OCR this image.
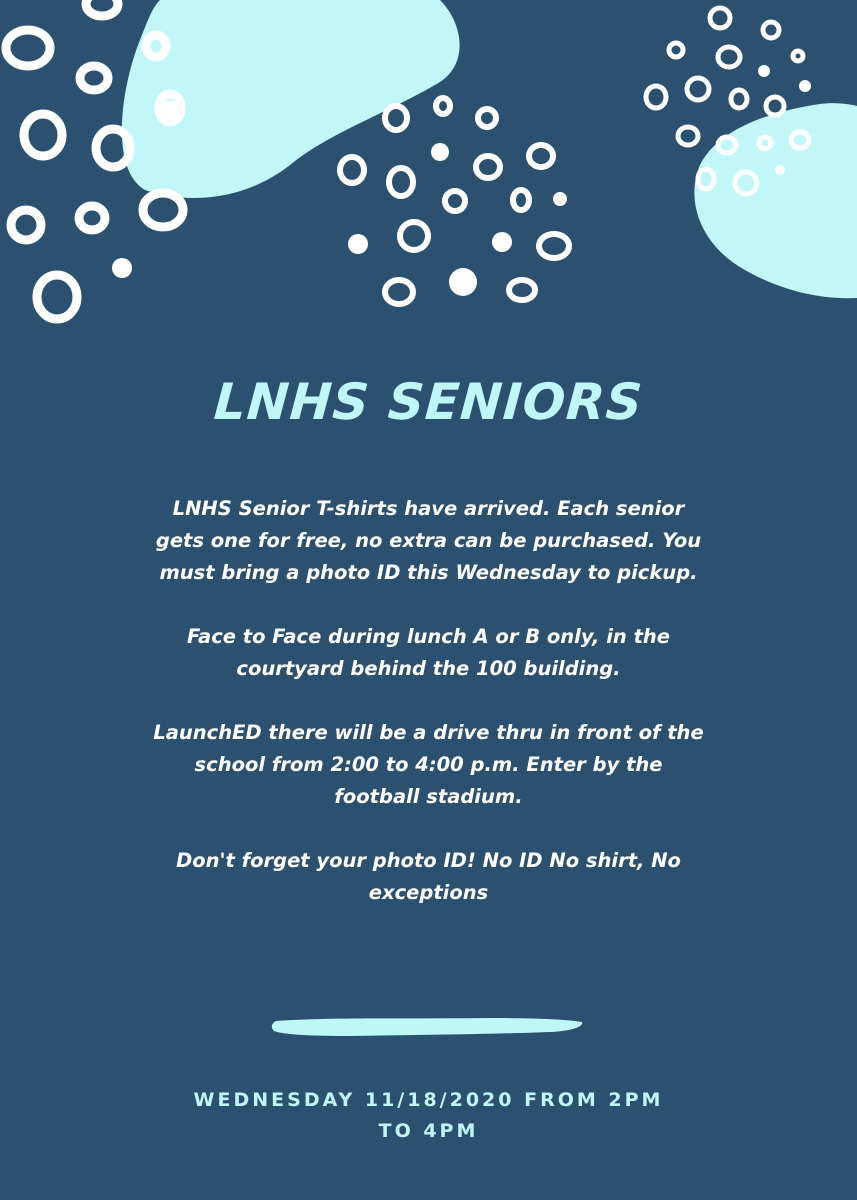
LNHS SENIORS

LNHS Senior T-shirts have arrived. Each senior gets one for free, no extra can be purchased. You must bring a photo ID this Wednesday to pickup.

Face to Face during lunch A or B only, in the courtyard behind the 100 building.

LaunchED there will be a drive thru in front of the school from 2:00 to 4:00 p.m. Enter by the football stadium.

Don't forget your photo ID! No ID No shirt, No exceptions

WEDNESDAY 11/18/2020 FROM 2PM TO 4PM
